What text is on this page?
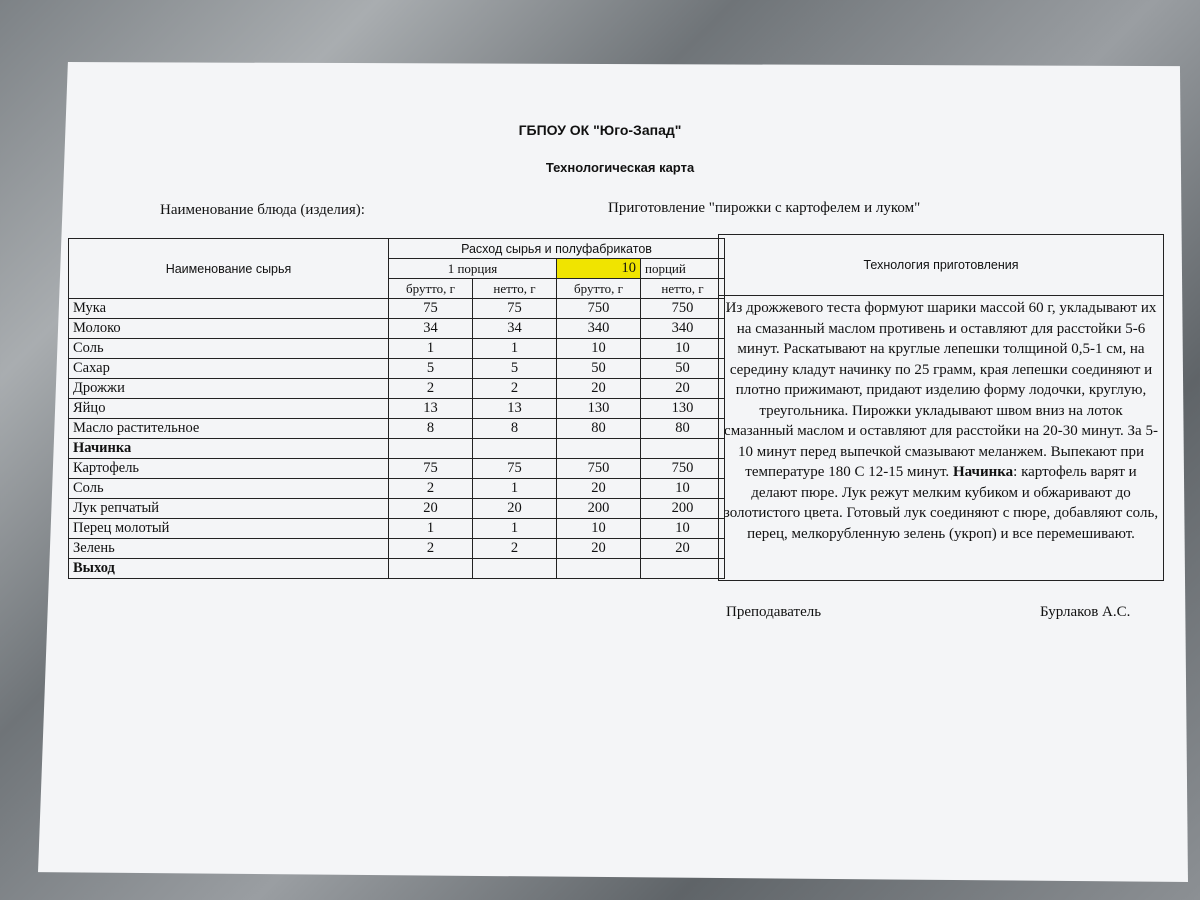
ГБПОУ ОК "Юго-Запад"
Технологическая карта
Наименование блюда (изделия):	Приготовление "пирожки с картофелем и луком"
Наименование сырья	Расход сырья и полуфабрикатов			
	1 порция		10	порций
	брутто, г	нетто, г	брутто, г	нетто, г
Мука	75	75	750	750
Молоко	34	34	340	340
Соль	1	1	10	10
Сахар	5	5	50	50
Дрожжи	2	2	20	20
Яйцо	13	13	130	130
Масло растительное	8	8	80	80
Начинка				
Картофель	75	75	750	750
Соль	2	1	20	10
Лук репчатый	20	20	200	200
Перец молотый	1	1	10	10
Зелень	2	2	20	20
Выход				
Технология приготовления
Из дрожжевого теста формуют шарики массой 60 г, укладывают их на смазанный маслом противень и оставляют для расстойки 5-6 минут. Раскатывают на круглые лепешки толщиной 0,5-1 см, на середину кладут начинку по 25 грамм, края лепешки соединяют и плотно прижимают, придают изделию форму лодочки, круглую, треугольника. Пирожки укладывают швом вниз на лоток смазанный маслом и оставляют для расстойки на 20-30 минут. За 5-10 минут перед выпечкой смазывают меланжем. Выпекают при температуре 180 С 12-15 минут. Начинка: картофель варят и делают пюре. Лук режут мелким кубиком и обжаривают до золотистого цвета. Готовый лук соединяют с пюре, добавляют соль, перец, мелкорубленную зелень (укроп) и все перемешивают.
Преподаватель	Бурлаков А.С.
